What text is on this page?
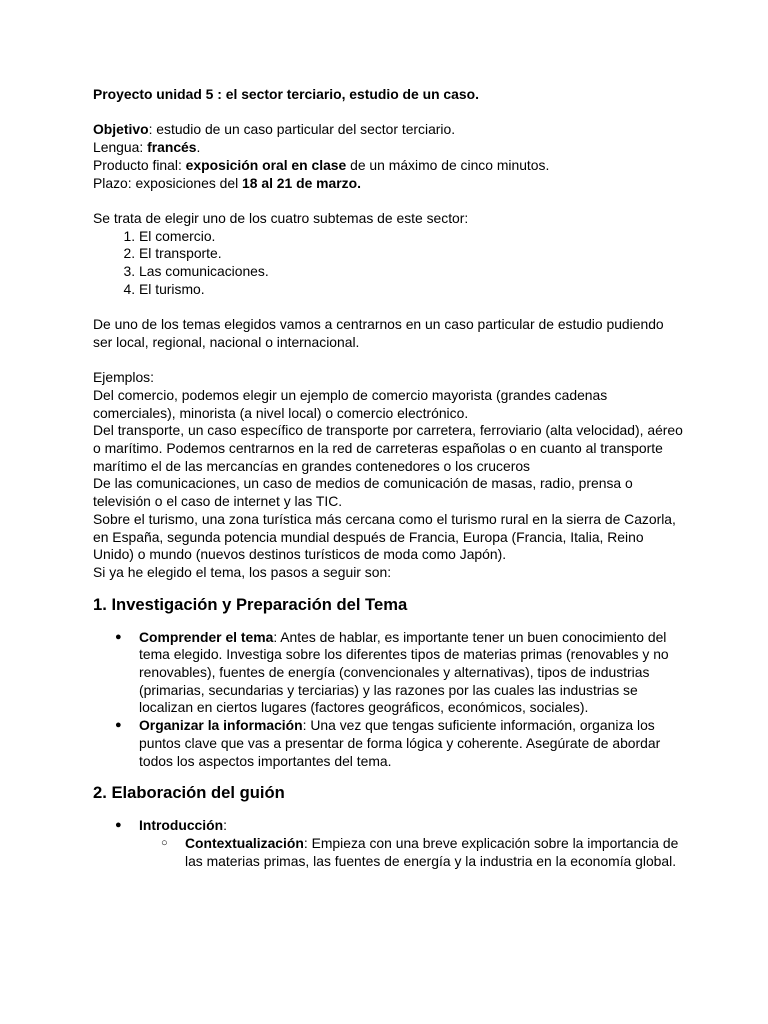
Proyecto unidad 5 : el sector terciario, estudio de un caso.

Objetivo: estudio de un caso particular del sector terciario.

Lengua: francés.

Producto final: exposición oral en clase de un máximo de cinco minutos.

Plazo: exposiciones del 18 al 21 de marzo.

Se trata de elegir uno de los cuatro subtemas de este sector:

1. El comercio.
2. El transporte.
3. Las comunicaciones.
4. El turismo.

De uno de los temas elegidos vamos a centrarnos en un caso particular de estudio pudiendo ser local, regional, nacional o internacional.

Ejemplos:

Del comercio, podemos elegir un ejemplo de comercio mayorista (grandes cadenas comerciales), minorista (a nivel local) o comercio electrónico.

Del transporte, un caso específico de transporte por carretera, ferroviario (alta velocidad), aéreo o marítimo. Podemos centrarnos en la red de carreteras españolas o en cuanto al transporte marítimo el de las mercancías en grandes contenedores o los cruceros

De las comunicaciones, un caso de medios de comunicación de masas, radio, prensa o televisión o el caso de internet y las TIC.

Sobre el turismo, una zona turística más cercana como el turismo rural en la sierra de Cazorla, en España, segunda potencia mundial después de Francia, Europa (Francia, Italia, Reino Unido) o mundo (nuevos destinos turísticos de moda como Japón).

Si ya he elegido el tema, los pasos a seguir son:

1. Investigación y Preparación del Tema
● Comprender el tema: Antes de hablar, es importante tener un buen conocimiento del tema elegido. Investiga sobre los diferentes tipos de materias primas (renovables y no renovables), fuentes de energía (convencionales y alternativas), tipos de industrias (primarias, secundarias y terciarias) y las razones por las cuales las industrias se localizan en ciertos lugares (factores geográficos, económicos, sociales).
● Organizar la información: Una vez que tengas suficiente información, organiza los puntos clave que vas a presentar de forma lógica y coherente. Asegúrate de abordar todos los aspectos importantes del tema.
2. Elaboración del guión
● Introducción:
○ Contextualización: Empieza con una breve explicación sobre la importancia de las materias primas, las fuentes de energía y la industria en la economía global.
